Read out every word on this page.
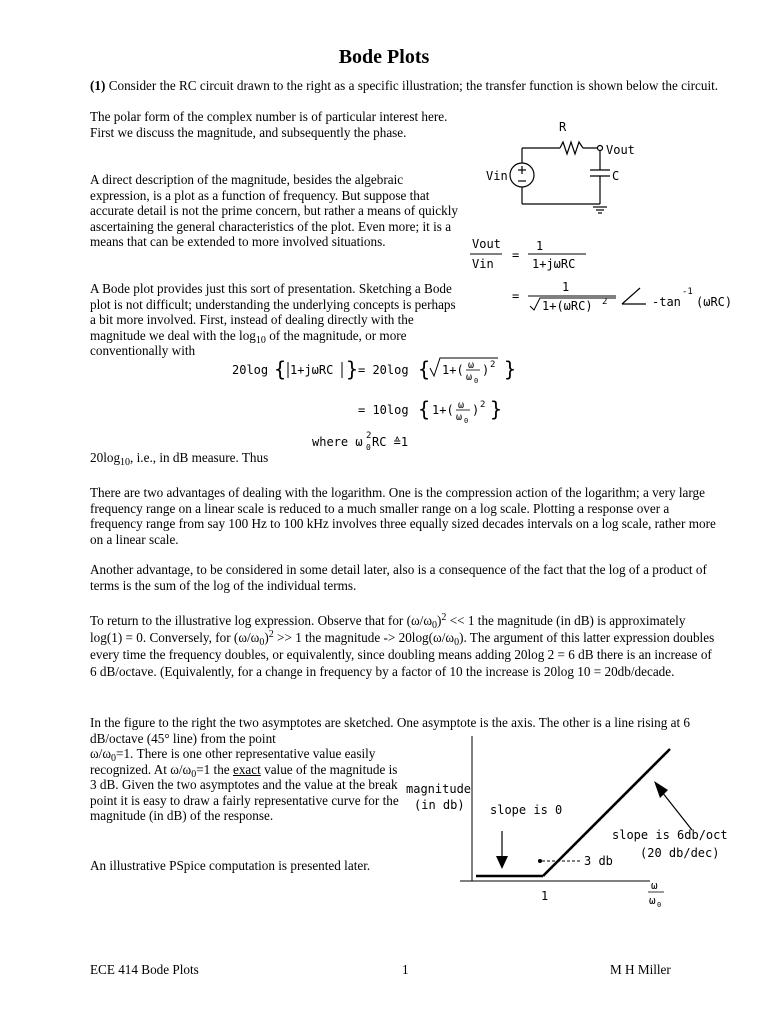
Bode Plots

(1) Consider the RC circuit drawn to the right as a specific illustration; the transfer function is shown below the circuit.

The polar form of the complex number is of particular interest here. First we discuss the magnitude, and subsequently the phase.

A direct description of the magnitude, besides the algebraic expression, is a plot as a function of frequency. But suppose that accurate detail is not the prime concern, but rather a means of quickly ascertaining the general characteristics of the plot. Even more; it is a means that can be extended to more involved situations.

A Bode plot provides just this sort of presentation. Sketching a Bode plot is not difficult; understanding the underlying concepts is perhaps a bit more involved. First, instead of dealing directly with the magnitude we deal with the $\log_{10}$ of the magnitude, or more conventionally with

R
C
Vout
Vin
Vout
Vin
=
1
1+jωRC
=
1
1+(ωRC) 2	-tan
-1
(ωRC)
20log { 1+jωRC } = 20log { 1+( ω
ω 0
) 2 }
= 10log { 1+( ω
ω 0
) 2 }
where ω 0
2 RC ≙1

$20\log_{10}$, i.e., in dB measure. Thus

There are two advantages of dealing with the logarithm. One is the compression action of the logarithm; a very large frequency range on a linear scale is reduced to a much smaller range on a log scale. Plotting a response over a frequency range from say 100 Hz to 100 kHz involves three equally sized decades intervals on a log scale, rather more on a linear scale.

Another advantage, to be considered in some detail later, also is a consequence of the fact that the log of a product of terms is the sum of the log of the individual terms.

To return to the illustrative log expression. Observe that for $(\omega/\omega_0)^2 << 1$ the magnitude (in dB) is approximately log(1) = 0. Conversely, for $(\omega/\omega_0)^2 >> 1$ the magnitude -> $20\log(\omega/\omega_0)$. The argument of this latter expression doubles every time the frequency doubles, or equivalently, since doubling means adding 20log 2 = 6 dB there is an increase of 6 dB/octave. (Equivalently, for a change in frequency by a factor of 10 the increase is 20log 10 = 20db/decade.

In the figure to the right the two asymptotes are sketched. One asymptote is the axis. The other is a line rising at 6 dB/octave (45° line) from the point

$\omega/\omega_0=1$. There is one other representative value easily recognized. At $\omega/\omega_0=1$ the exact value of the magnitude is 3 dB. Given the two asymptotes and the value at the break point it is easy to draw a fairly representative curve for the magnitude (in dB) of the response.

An illustrative PSpice computation is presented later.

magnitude
(in db) slope is 0
slope is 6db/oct
(20 db/dec)
3 db
1
ω
ω 0
ECE 414 Bode Plots	1	M H Miller
